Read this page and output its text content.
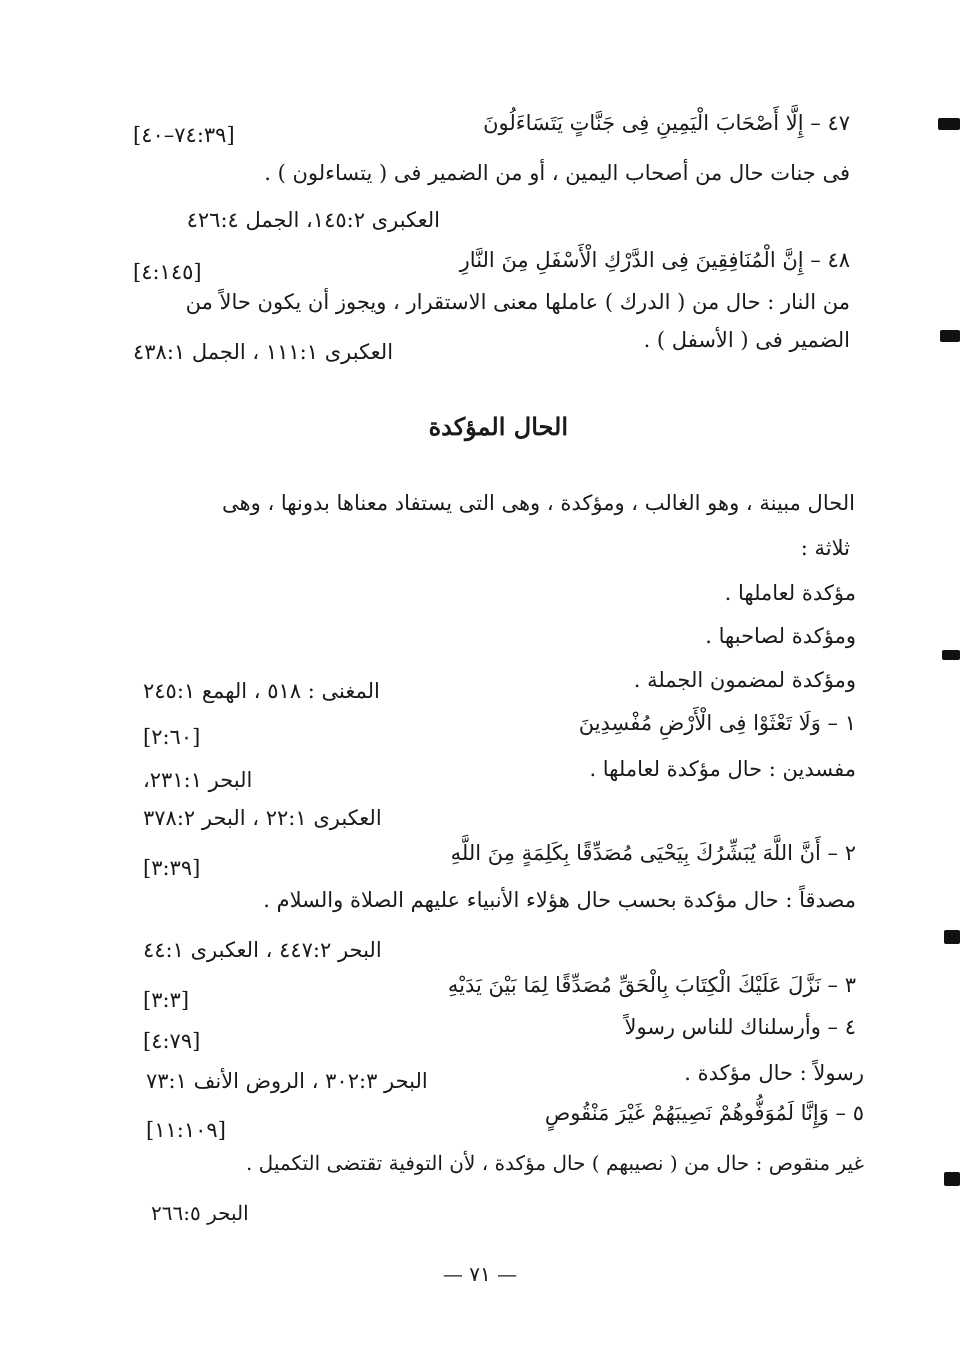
٤٧ – إِلَّا أَصْحَابَ الْيَمِينِ فِى جَنَّاتٍ يَتَسَاءَلُونَ
[٧٤:٣٩–٤٠]
فى جنات حال من أصحاب اليمين ، أو من الضمير فى ( يتساءلون ) .
العكبرى ١٤٥:٢، الجمل ٤٢٦:٤
٤٨ – إِنَّ الْمُنَافِقِينَ فِى الدَّرْكِ الْأَسْفَلِ مِنَ النَّارِ
[٤:١٤٥]
من النار : حال من ( الدرك ) عاملها معنى الاستقرار ، ويجوز أن يكون حالاً من
الضمير فى ( الأسفل ) .
العكبرى ١١١:١ ، الجمل ٤٣٨:١
الحال المؤكدة
الحال مبينة ، وهو الغالب ، ومؤكدة ، وهى التى يستفاد معناها بدونها ، وهى
ثلاثة :
مؤكدة لعاملها .
ومؤكدة لصاحبها .
ومؤكدة لمضمون الجملة .
المغنى : ٥١٨ ، الهمع ٢٤٥:١
١ – وَلَا تَعْثَوْا فِى الْأَرْضِ مُفْسِدِينَ
[٢:٦٠]
مفسدين : حال مؤكدة لعاملها .
البحر ٢٣١:١،
العكبرى ٢٢:١ ، البحر ٣٧٨:٢
٢ – أَنَّ اللَّهَ يُبَشِّرُكَ بِيَحْيَى مُصَدِّقًا بِكَلِمَةٍ مِنَ اللَّهِ
[٣:٣٩]
مصدقاً : حال مؤكدة بحسب حال هؤلاء الأنبياء عليهم الصلاة والسلام .
البحر ٤٤٧:٢ ، العكبرى ٤٤:١
٣ – نَزَّلَ عَلَيْكَ الْكِتَابَ بِالْحَقِّ مُصَدِّقًا لِمَا بَيْنَ يَدَيْهِ
[٣:٣]
٤ – وأرسلناك للناس رسولاً
[٤:٧٩]
رسولاً : حال مؤكدة .
البحر ٣٠٢:٣ ، الروض الأنف ٧٣:١
٥ – وَإِنَّا لَمُوَفُّوهُمْ نَصِيبَهُمْ غَيْرَ مَنْقُوصٍ
[١١:١٠٩]
غير منقوص : حال من ( نصيبهم ) حال مؤكدة ، لأن التوفية تقتضى التكميل .
البحر ٢٦٦:٥
— ٧١ —
